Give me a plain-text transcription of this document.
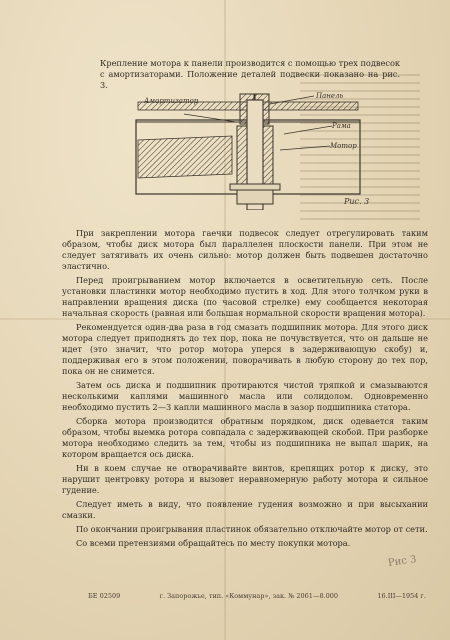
Крепление мотора к панели производится с помощью трех подвесок с амортизаторами. Положение деталей подвески показано на рис. 3.
Амортизатор
Панель
Рама
Мотор
Рис. 3

При закреплении мотора гаечки подвесок следует отрегулировать таким образом, чтобы диск мотора был параллелен плоскости панели. При этом не следует затягивать их очень сильно: мотор должен быть подвешен достаточно эластично.

Перед проигрыванием мотор включается в осветительную сеть. После установки пластинки мотор необходимо пустить в ход. Для этого толчком руки в направлении вращения диска (по часовой стрелке) ему сообщается некоторая начальная скорость (равная или большая нормальной скорости вращения мотора).

Рекомендуется один-два раза в год смазать подшипник мотора. Для этого диск мотора следует приподнять до тех пор, пока не почувствуется, что он дальше не идет (это значит, что ротор мотора уперся в задерживающую скобу) и, поддерживая его в этом положении, поворачивать в любую сторону до тех пор, пока он не снимется.

Затем ось диска и подшипник протираются чистой тряпкой и смазываются несколькими каплями машинного масла или солидолом. Одновременно необходимо пустить 2—3 капли машинного масла в зазор подшипника статора.

Сборка мотора производится обратным порядком, диск одевается таким образом, чтобы выемка ротора совпадала с задерживающей скобой. При разборке мотора необходимо следить за тем, чтобы из подшипника не выпал шарик, на котором вращается ось диска.

Ни в коем случае не отворачивайте винтов, крепящих ротор к диску, это нарушит центровку ротора и вызовет неравномерную работу мотора и сильное гудение.

Следует иметь в виду, что появление гудения возможно и при высыхании смазки.

По окончании проигрывания пластинок обязательно отключайте мотор от сети.

Со всеми претензиями обращайтесь по месту покупки мотора.

БЕ 02509	г. Запорожье, тип. «Коммунар», зак. № 2061—8.000	16.III—1954 г.
Рис 3
